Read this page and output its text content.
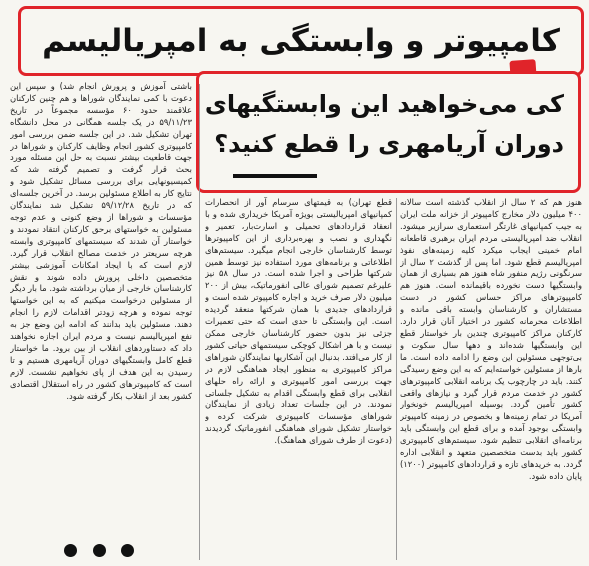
کامپیوتر و وابستگی به امپریالیسم
کی می‌خواهید این وابستگیهای
دوران آریامهری را قطع کنید؟

هنوز هم که ۲ سال از انقلاب گذشته است سالانه ۴۰۰ میلیون دلار مخارج کامپیوتر از خزانه ملت ایران به جیب کمپانیهای غارتگر استعماری سرازیر میشود. انقلاب ضد امپریالیستی مردم ایران برهبری قاطعانه امام خمینی ایجاب میکرد کلیه زمینه‌های نفوذ امپریالیسم قطع شود. اما پس از گذشت ۲ سال از سرنگونی رژیم منفور شاه هنوز هم بسیاری از همان وابستگیها دست نخورده باقیمانده است. هنوز هم کامپیوترهای مراکز حساس کشور در دست مستشاران و کارشناسان وابسته باقی مانده و اطلاعات محرمانه کشور در اختیار آنان قرار دارد. کارکنان مراکز کامپیوتری چندین بار خواستار قطع این وابستگیها شده‌اند و دهها سال سکوت و بی‌توجهی مسئولین این وضع را ادامه داده است. ما بارها از مسئولین خواسته‌ایم که به این وضع رسیدگی کنند. باید در چارچوب یک برنامه انقلابی کامپیوترهای کشور در خدمت مردم قرار گیرد و نیازهای واقعی کشور تأمین گردد. بوسیله امپریالیسم خونخوار آمریکا در تمام زمینه‌ها و بخصوص در زمینه کامپیوتر وابستگی بوجود آمده و برای قطع این وابستگی باید برنامه‌ای انقلابی تنظیم شود. سیستم‌های کامپیوتری کشور باید بدست متخصصین متعهد و انقلابی اداره گردد. به خریدهای تازه و قراردادهای کامپیوتر (۱۲۰۰) پایان داده شود.

قطع تهران) به قیمتهای سرسام آور از انحصارات کمپانیهای امپریالیستی بویژه آمریکا خریداری شده و با انعقاد قراردادهای تحمیلی و اسارت‌بار، تعمیر و نگهداری و نصب و بهره‌برداری از این کامپیوترها توسط کارشناسان خارجی انجام میگیرد. سیستم‌های اطلاعاتی و برنامه‌های مورد استفاده نیز توسط همین شرکتها طراحی و اجرا شده است. در سال ۵۸ نیز علیرغم تصمیم شورای عالی انفورماتیک، بیش از ۲۰۰ میلیون دلار صرف خرید و اجاره کامپیوتر شده است و قراردادهای جدیدی با همان شرکتها منعقد گردیده است. این وابستگی تا حدی است که حتی تعمیرات جزئی نیز بدون حضور کارشناسان خارجی ممکن نیست و با هر اشکال کوچکی سیستمهای حیاتی کشور از کار می‌افتد. بدنبال این آشکاریها نمایندگان شوراهای مراکز کامپیوتری به منظور ایجاد هماهنگی لازم در جهت بررسی امور کامپیوتری و ارائه راه حلهای انقلابی برای قطع وابستگی اقدام به تشکیل جلساتی نمودند. در این جلسات تعداد زیادی از نمایندگان شوراهای مؤسسات کامپیوتری شرکت کرده و خواستار تشکیل شورای هماهنگی انفورماتیک گردیدند (دعوت از طرف شورای هماهنگ).

باشتی آموزش و پرورش انجام شد) و سپس این دعوت با کمی نمایندگان شوراها و هم چنین کارکنان علاقمند حدود ۶۰ مؤسسه مجموعاً در تاریخ ۵۹/۱۱/۲۳ در یک جلسه همگانی در محل دانشگاه تهران تشکیل شد. در این جلسه ضمن بررسی امور کامپیوتری کشور انجام وظایف کارکنان و شوراها در جهت قاطعیت بیشتر نسبت به حل این مسئله مورد بحث قرار گرفت و تصمیم گرفته شد که کمیسیونهایی برای بررسی مسائل تشکیل شود و نتایج کار به اطلاع مسئولین برسد. در آخرین جلسه‌ای که در تاریخ ۵۹/۱۲/۲۸ تشکیل شد نمایندگان مؤسسات و شوراها از وضع کنونی و عدم توجه مسئولین به خواستهای برحق کارکنان انتقاد نمودند و خواستار آن شدند که سیستمهای کامپیوتری وابسته هرچه سریعتر در خدمت مصالح انقلاب قرار گیرد. لازم است که با ایجاد امکانات آموزشی بیشتر متخصصین داخلی پرورش داده شوند و نقش کارشناسان خارجی از میان برداشته شود. ما بار دیگر از مسئولین درخواست میکنیم که به این خواستها توجه نموده و هرچه زودتر اقدامات لازم را انجام دهند. مسئولین باید بدانند که ادامه این وضع جز به نفع امپریالیسم نیست و مردم ایران اجازه نخواهند داد که دستاوردهای انقلاب از بین برود. ما خواستار قطع کامل وابستگیهای دوران آریامهری هستیم و تا رسیدن به این هدف از پای نخواهیم نشست. لازم است که کامپیوترهای کشور در راه استقلال اقتصادی کشور بعد از انقلاب بکار گرفته شود.
